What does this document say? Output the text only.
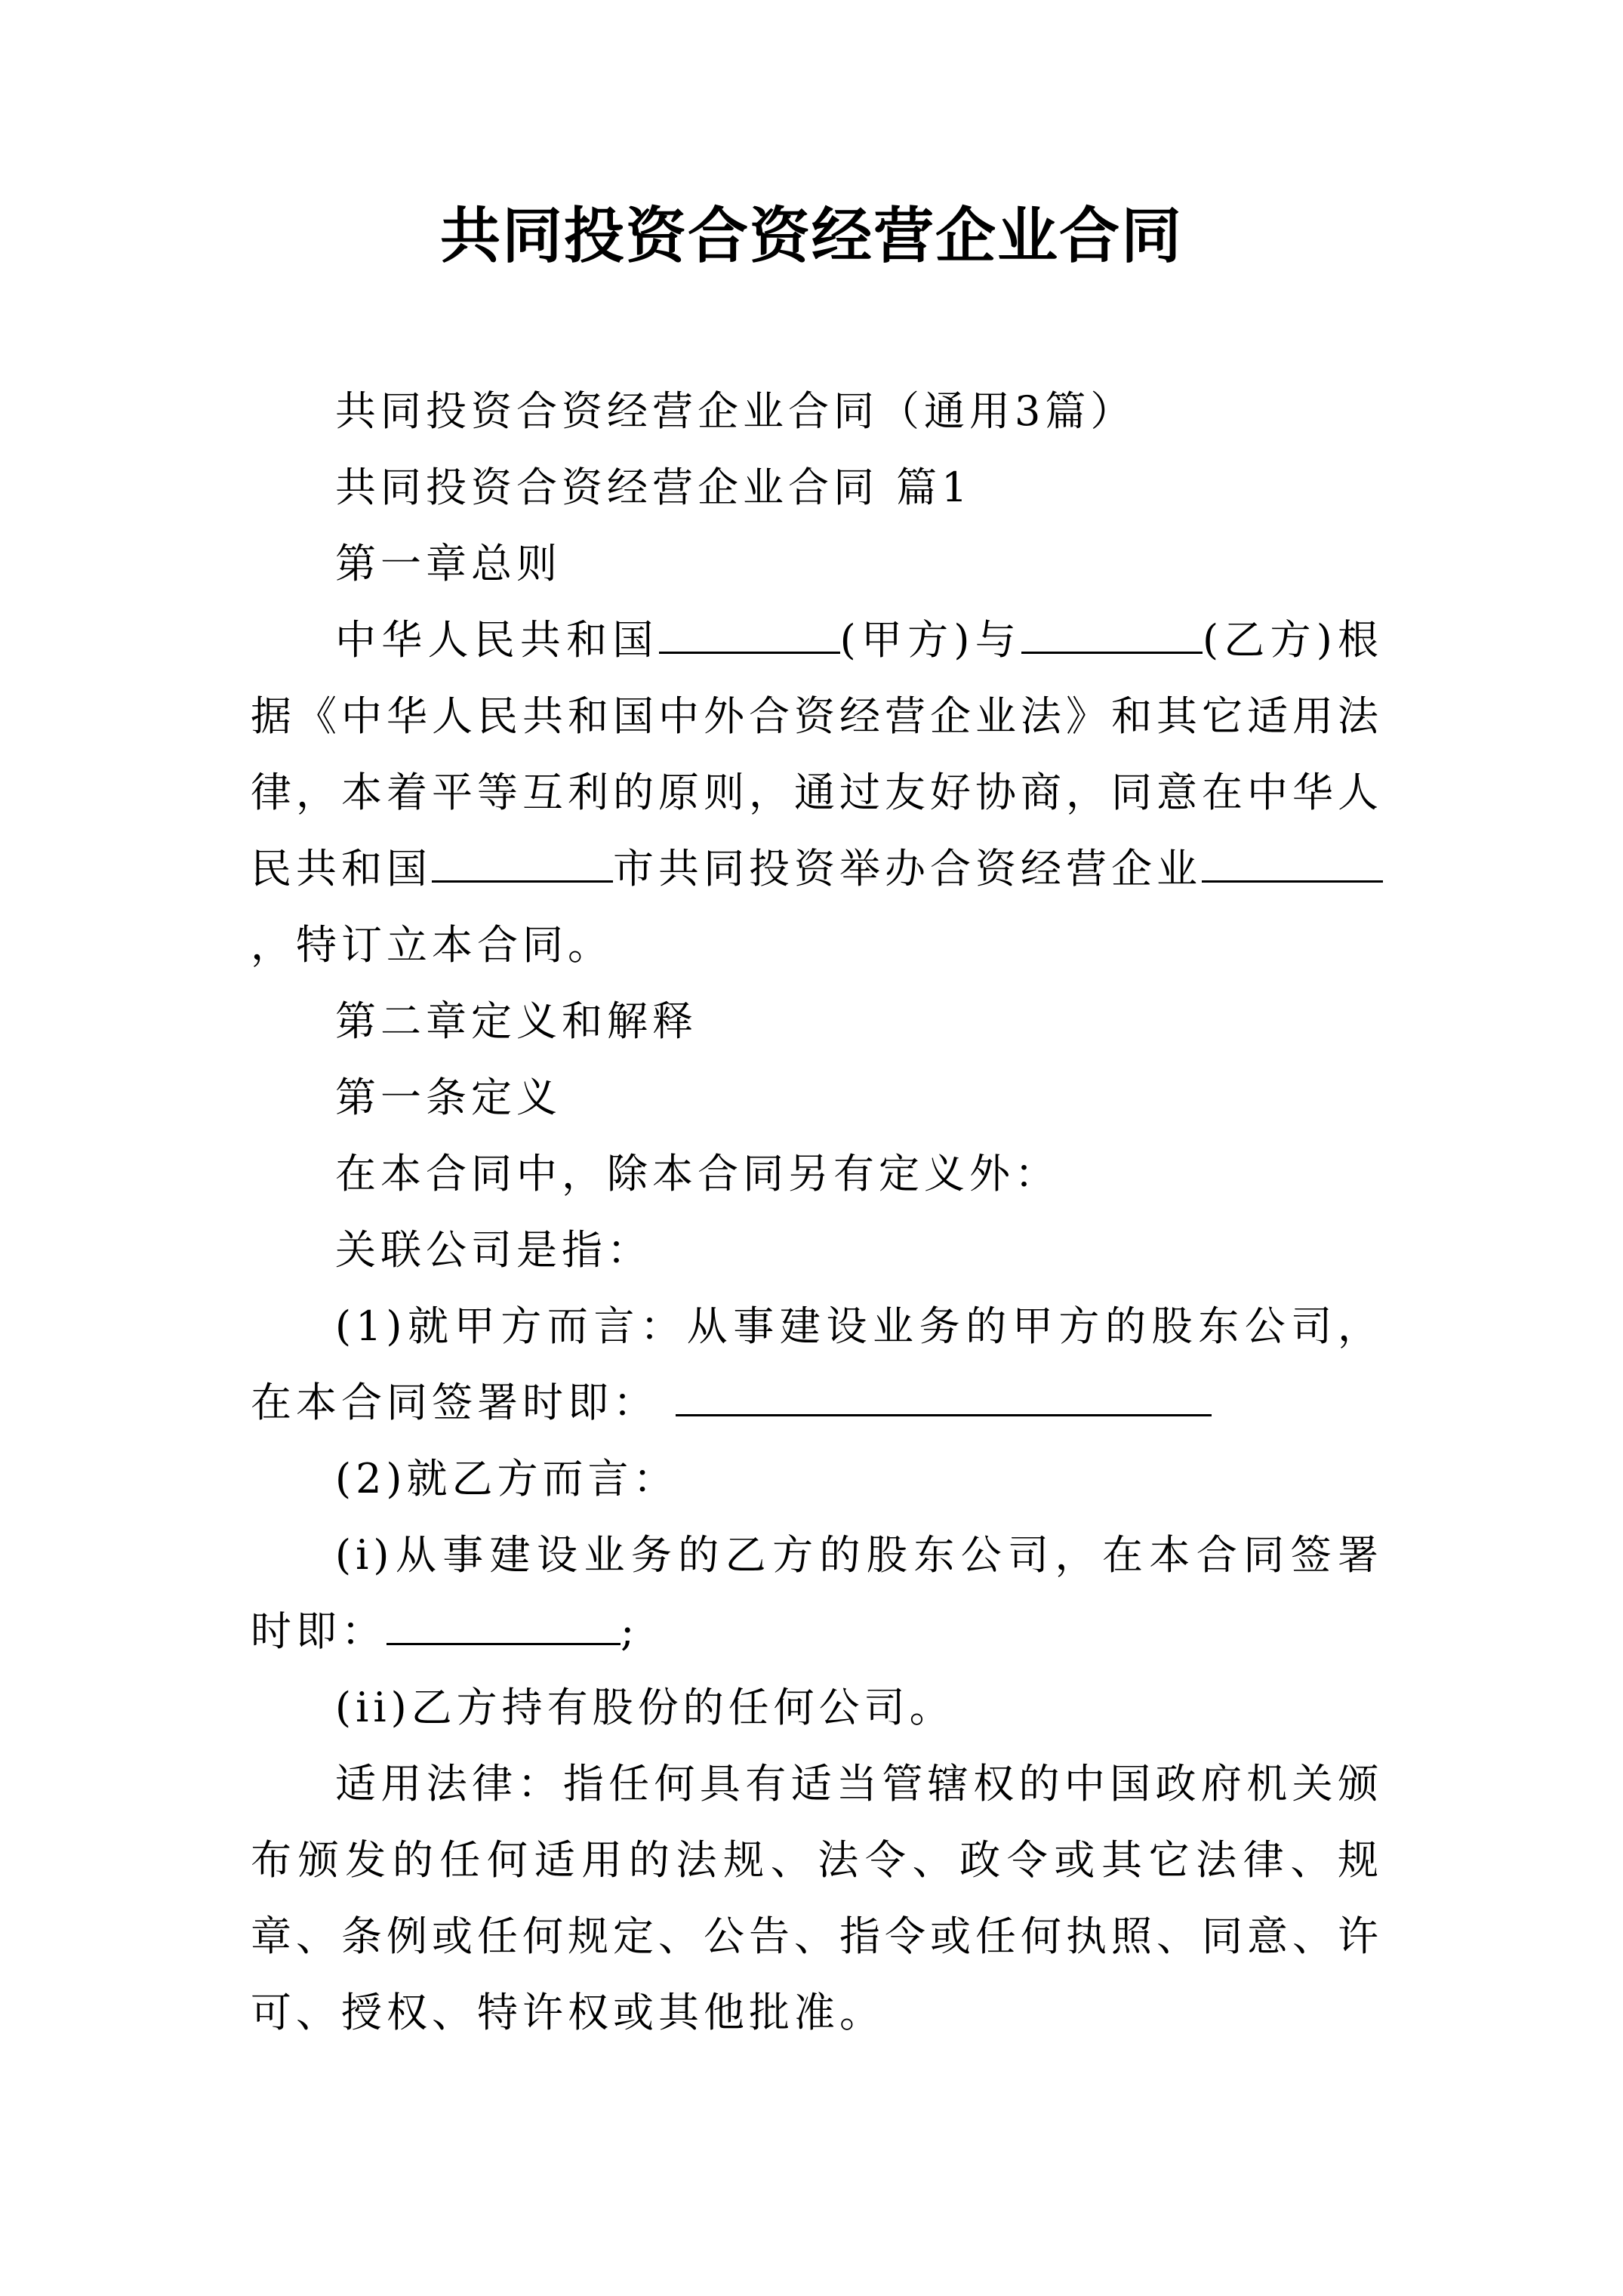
共同投资合资经营企业合同

共同投资合资经营企业合同（通用3篇）

共同投资合资经营企业合同 篇1

第一章总则

中华人民共和国	(甲方)与	(乙方)根据《中华人民共和国中外合资经营企业法》和其它适用法律，本着平等互利的原则，通过友好协商，同意在中华人民共和国	市共同投资举办合资经营企业，特订立本合同。

第二章定义和解释

第一条定义

在本合同中，除本合同另有定义外：

关联公司是指：

(1)就甲方而言：从事建设业务的甲方的股东公司，在本合同签署时即：

(2)就乙方而言：

(i)从事建设业务的乙方的股东公司，在本合同签署时即：	;

(ii)乙方持有股份的任何公司。

适用法律：指任何具有适当管辖权的中国政府机关颁布颁发的任何适用的法规、法令、政令或其它法律、规章、条例或任何规定、公告、指令或任何执照、同意、许可、授权、特许权或其他批准。
